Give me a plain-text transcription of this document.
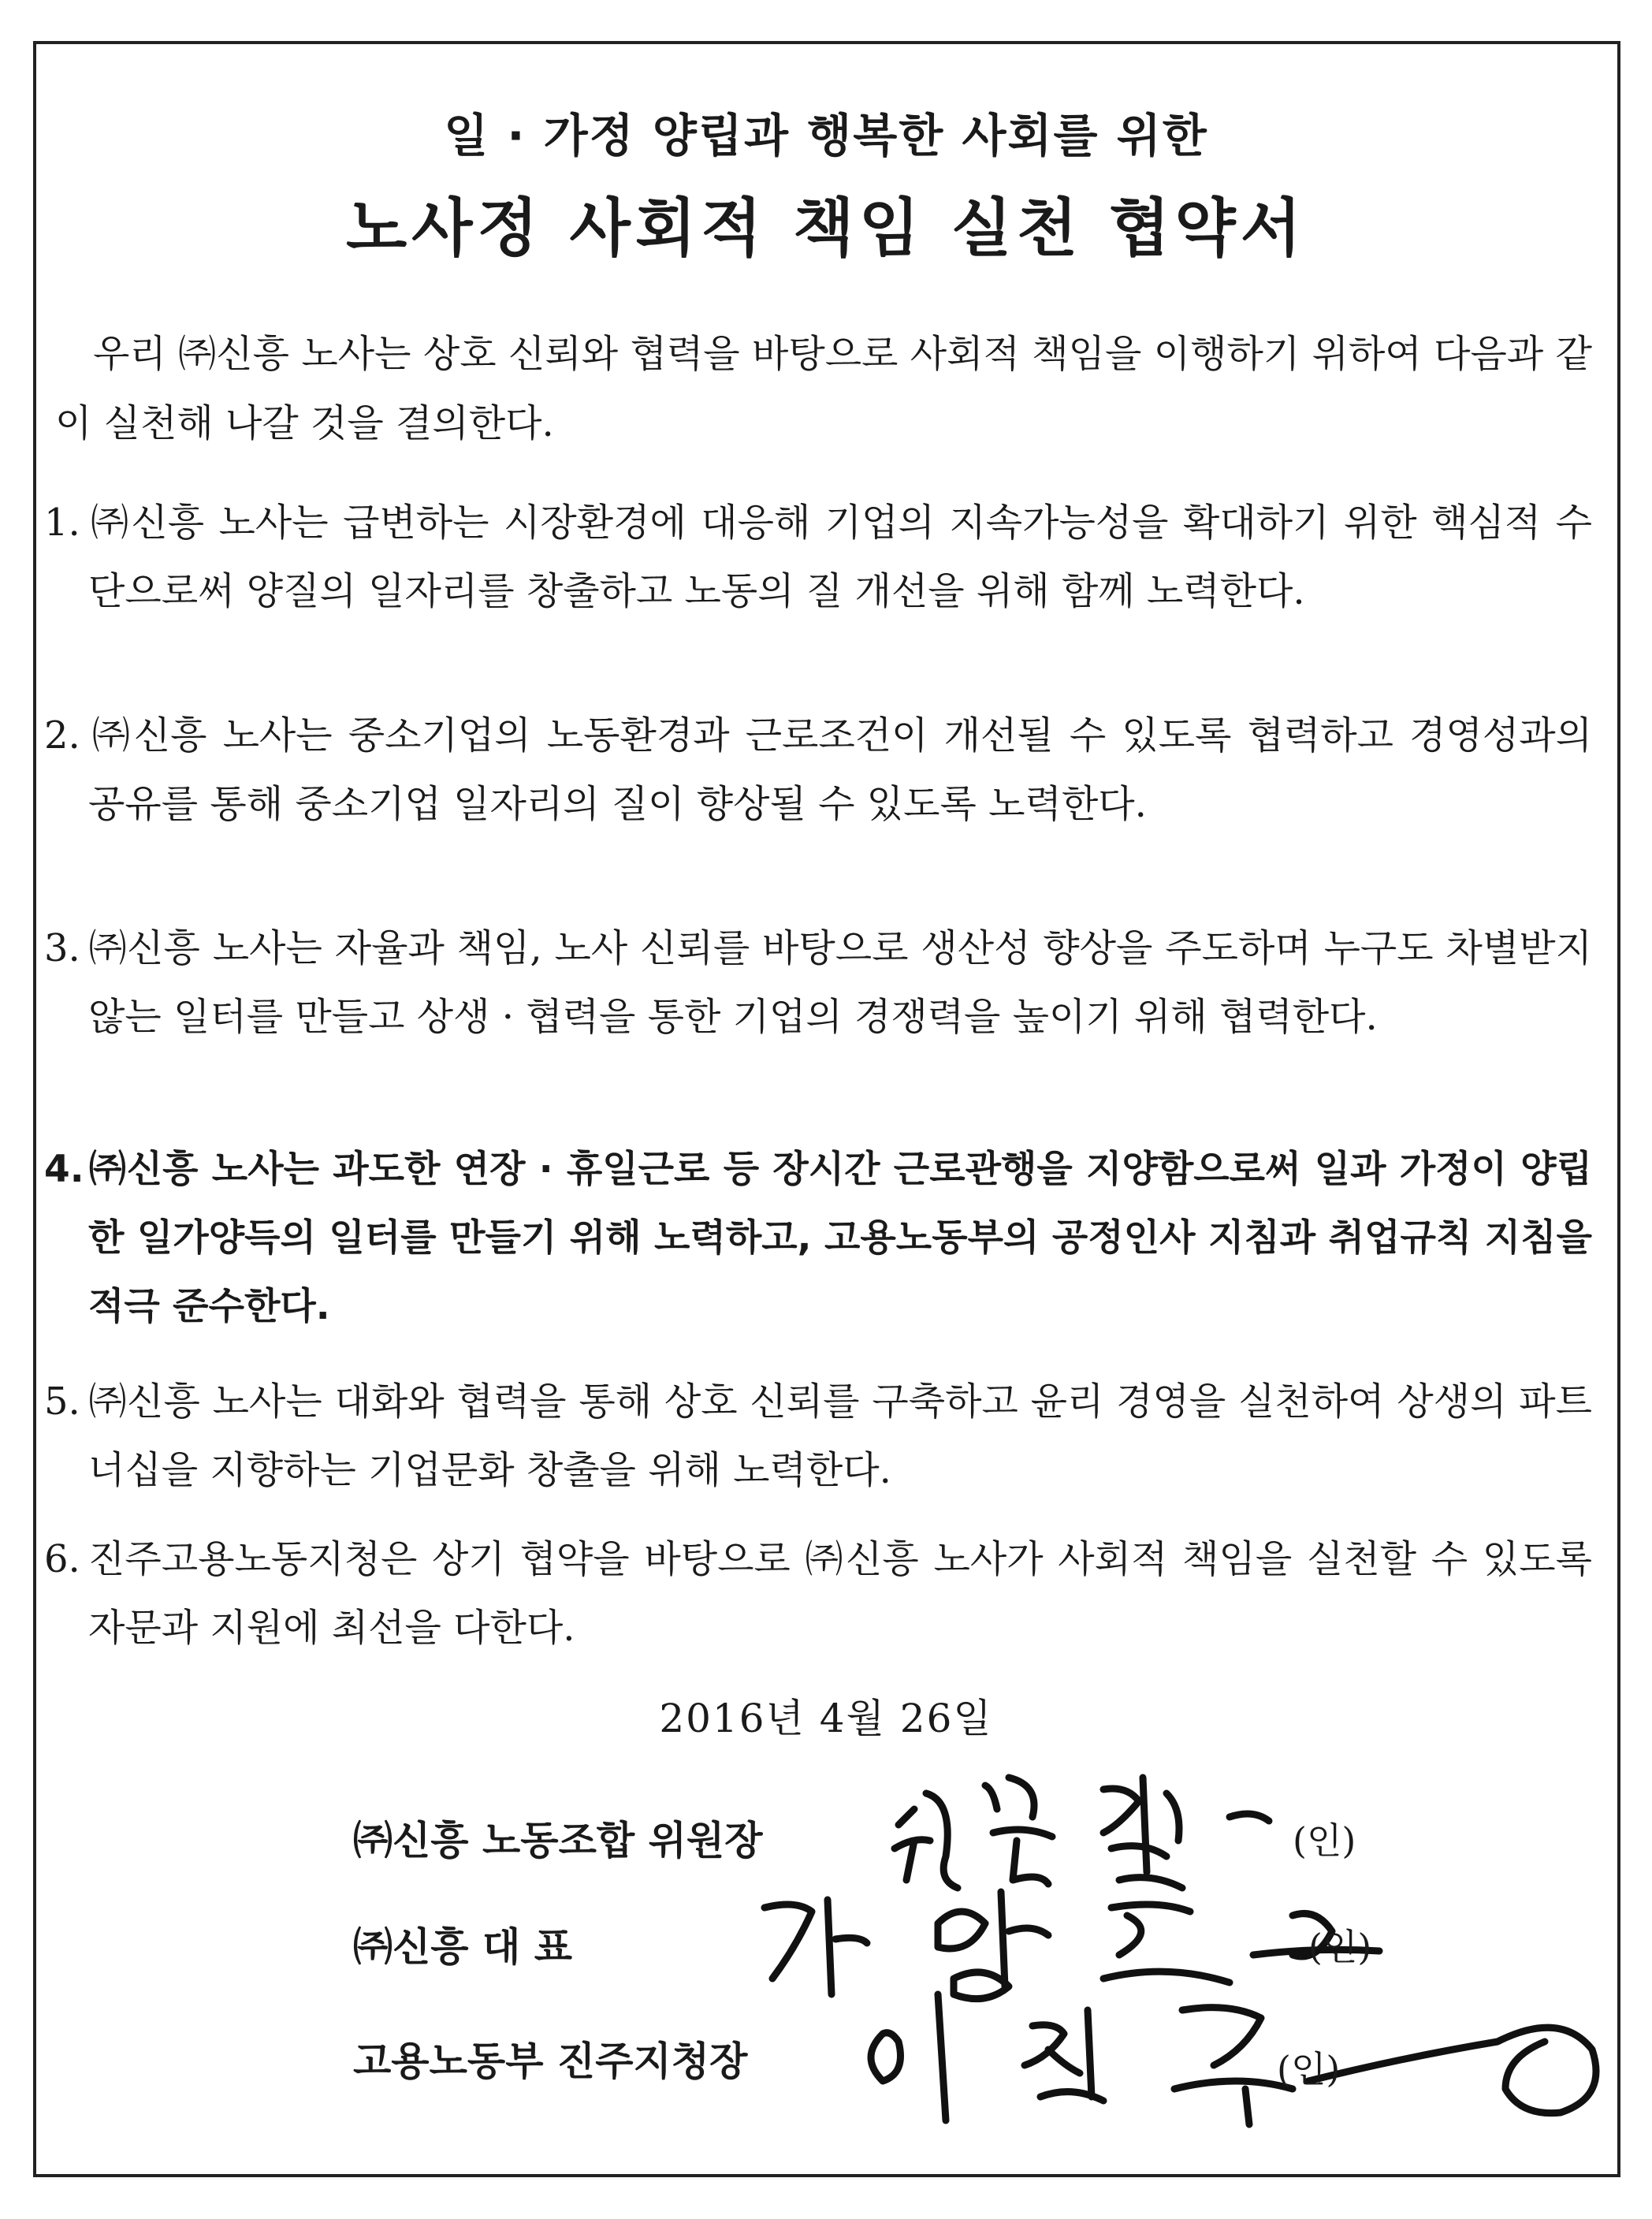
일 · 가정 양립과 행복한 사회를 위한
노사정 사회적 책임 실천 협약서
우리 ㈜신흥 노사는 상호 신뢰와 협력을 바탕으로 사회적 책임을 이행하기 위하여 다음과 같이 실천해 나갈 것을 결의한다.
1. ㈜신흥 노사는 급변하는 시장환경에 대응해 기업의 지속가능성을 확대하기 위한 핵심적 수단으로써 양질의 일자리를 창출하고 노동의 질 개선을 위해 함께 노력한다.
2. ㈜신흥 노사는 중소기업의 노동환경과 근로조건이 개선될 수 있도록 협력하고 경영성과의 공유를 통해 중소기업 일자리의 질이 향상될 수 있도록 노력한다.
3. ㈜신흥 노사는 자율과 책임, 노사 신뢰를 바탕으로 생산성 향상을 주도하며 누구도 차별받지 않는 일터를 만들고 상생 · 협력을 통한 기업의 경쟁력을 높이기 위해 협력한다.
4. ㈜신흥 노사는 과도한 연장 · 휴일근로 등 장시간 근로관행을 지양함으로써 일과 가정이 양립한 일가양득의 일터를 만들기 위해 노력하고, 고용노동부의 공정인사 지침과 취업규칙 지침을 적극 준수한다.
5. ㈜신흥 노사는 대화와 협력을 통해 상호 신뢰를 구축하고 윤리 경영을 실천하여 상생의 파트너십을 지향하는 기업문화 창출을 위해 노력한다.
6. 진주고용노동지청은 상기 협약을 바탕으로 ㈜신흥 노사가 사회적 책임을 실천할 수 있도록 자문과 지원에 최선을 다한다.
2016년 4월 26일
㈜신흥 노동조합 위원장	(인)
㈜신흥 대 표	(인)
고용노동부 진주지청장	(인)
